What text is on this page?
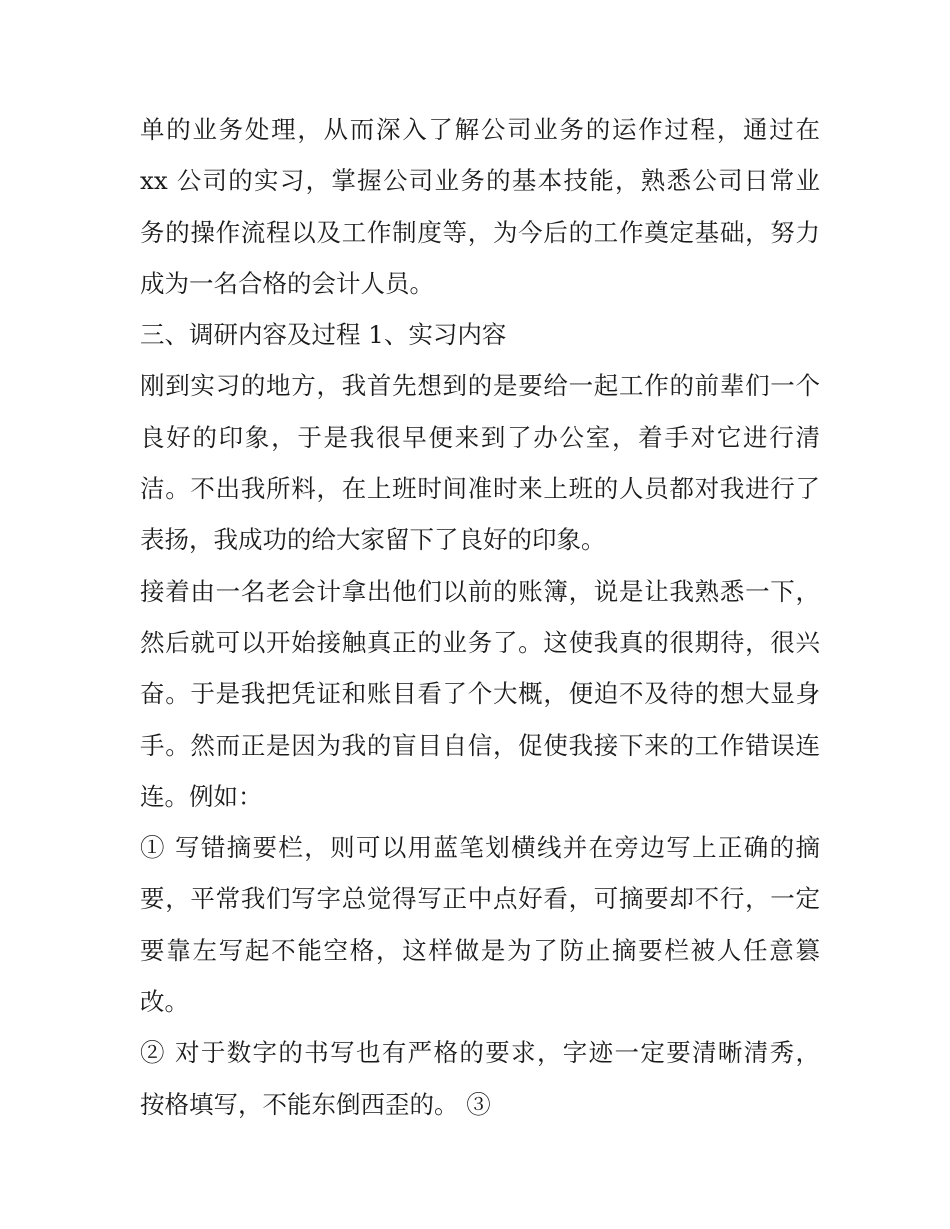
单的业务处理，从而深入了解公司业务的运作过程，通过在
xx 公司的实习，掌握公司业务的基本技能，熟悉公司日常业
务的操作流程以及工作制度等，为今后的工作奠定基础，努力
成为一名合格的会计人员。
三、调研内容及过程 1、实习内容
刚到实习的地方，我首先想到的是要给一起工作的前辈们一个
良好的印象，于是我很早便来到了办公室，着手对它进行清
洁。不出我所料，在上班时间准时来上班的人员都对我进行了
表扬，我成功的给大家留下了良好的印象。
接着由一名老会计拿出他们以前的账簿，说是让我熟悉一下，
然后就可以开始接触真正的业务了。这使我真的很期待，很兴
奋。于是我把凭证和账目看了个大概，便迫不及待的想大显身
手。然而正是因为我的盲目自信，促使我接下来的工作错误连
连。例如：
① 写错摘要栏，则可以用蓝笔划横线并在旁边写上正确的摘
要，平常我们写字总觉得写正中点好看，可摘要却不行，一定
要靠左写起不能空格，这样做是为了防止摘要栏被人任意篡
改。
② 对于数字的书写也有严格的要求，字迹一定要清晰清秀，
按格填写，不能东倒西歪的。 ③
